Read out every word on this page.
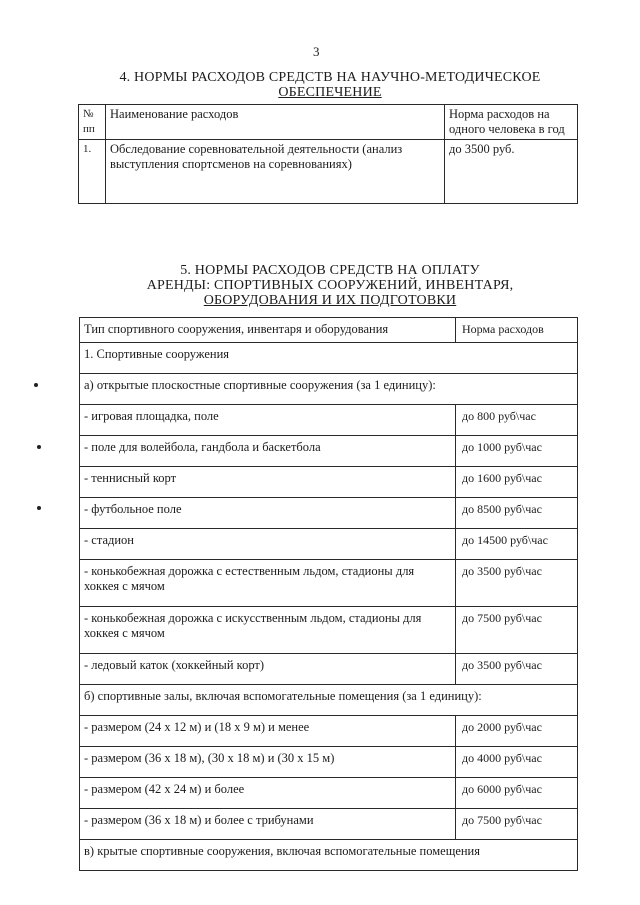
3
4. НОРМЫ РАСХОДОВ СРЕДСТВ НА НАУЧНО-МЕТОДИЧЕСКОЕ
ОБЕСПЕЧЕНИЕ
№ пп	Наименование расходов	Норма расходов на одного человека в год
1.	Обследование соревновательной деятельности (анализ выступления спортсменов на соревнованиях)	до 3500 руб.
5. НОРМЫ РАСХОДОВ СРЕДСТВ НА ОПЛАТУ
АРЕНДЫ: СПОРТИВНЫХ СООРУЖЕНИЙ, ИНВЕНТАРЯ,
ОБОРУДОВАНИЯ И ИХ ПОДГОТОВКИ
Тип спортивного сооружения, инвентаря и оборудования	Норма расходов
1. Спортивные сооружения	
а) открытые плоскостные спортивные сооружения (за 1 единицу):	
- игровая площадка, поле	до 800 руб\час
- поле для волейбола, гандбола и баскетбола	до 1000 руб\час
- теннисный корт	до 1600 руб\час
- футбольное поле	до 8500 руб\час
- стадион	до 14500 руб\час
- конькобежная дорожка с естественным льдом, стадионы для хоккея с мячом	до 3500 руб\час
- конькобежная дорожка с искусственным льдом, стадионы для хоккея с мячом	до 7500 руб\час
- ледовый каток (хоккейный корт)	до 3500 руб\час
б) спортивные залы, включая вспомогательные помещения (за 1 единицу):	
- размером (24 х 12 м) и (18 х 9 м) и менее	до 2000 руб\час
- размером (36 х 18 м), (30 х 18 м) и (30 х 15 м)	до 4000 руб\час
- размером (42 х 24 м) и более	до 6000 руб\час
- размером (36 х 18 м) и более с трибунами	до 7500 руб\час
в) крытые спортивные сооружения, включая вспомогательные помещения	
